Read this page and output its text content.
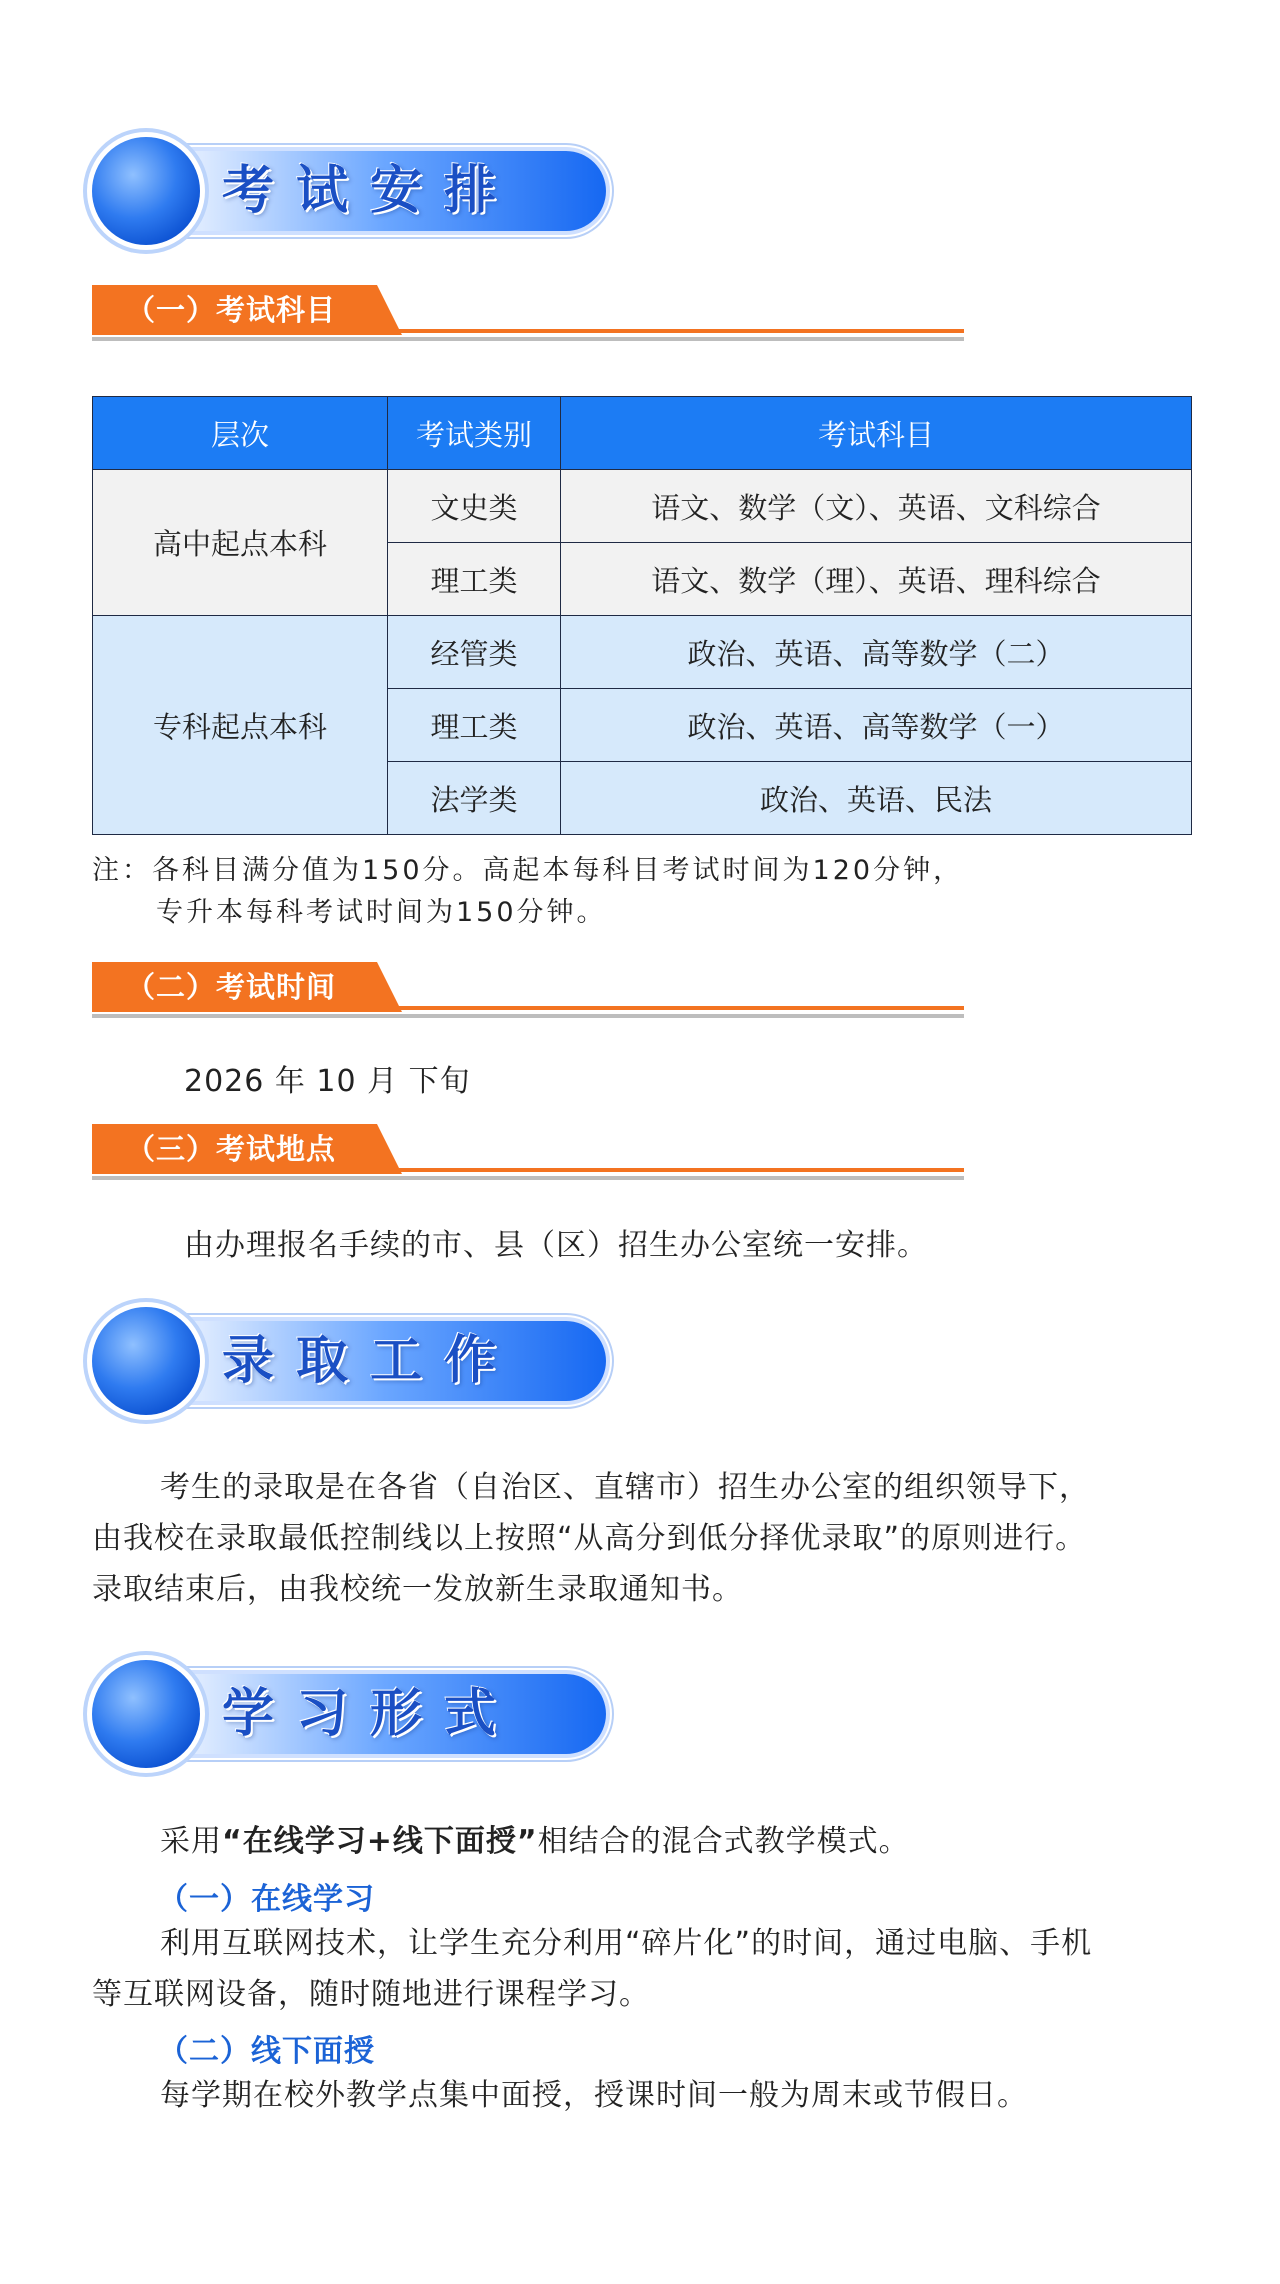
考试安排
（一）考试科目
层次	考试类别	考试科目
高中起点本科	文史类	语文、数学（文）、英语、文科综合
	理工类	语文、数学（理）、英语、理科综合
专科起点本科	经管类	政治、英语、高等数学（二）
	理工类	政治、英语、高等数学（一）
	法学类	政治、英语、民法
注：各科目满分值为150分。高起本每科目考试时间为120分钟，
专升本每科考试时间为150分钟。
（二）考试时间
2026 年 10 月 下旬
（三）考试地点
由办理报名手续的市、县（区）招生办公室统一安排。
录取工作
考生的录取是在各省（自治区、直辖市）招生办公室的组织领导下，
由我校在录取最低控制线以上按照“从高分到低分择优录取”的原则进行。
录取结束后，由我校统一发放新生录取通知书。
学习形式
采用“在线学习+线下面授”相结合的混合式教学模式。
（一）在线学习
利用互联网技术，让学生充分利用“碎片化”的时间，通过电脑、手机
等互联网设备，随时随地进行课程学习。
（二）线下面授
每学期在校外教学点集中面授，授课时间一般为周末或节假日。
